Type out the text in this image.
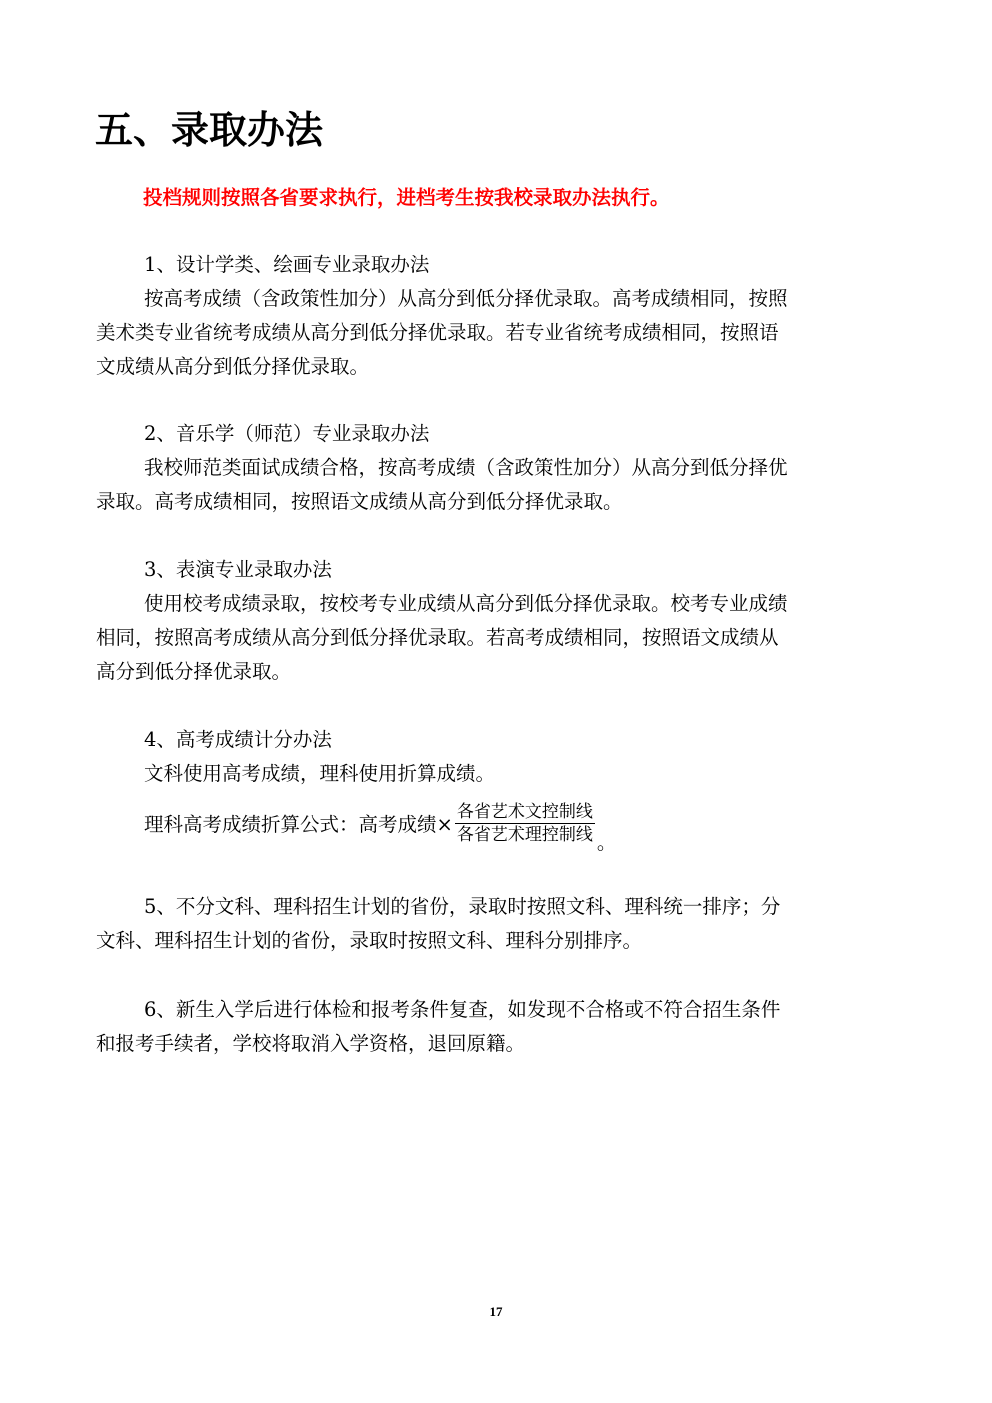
五、录取办法
投档规则按照各省要求执行，进档考生按我校录取办法执行。
1、设计学类、绘画专业录取办法
按高考成绩（含政策性加分）从高分到低分择优录取。高考成绩相同，按照
美术类专业省统考成绩从高分到低分择优录取。若专业省统考成绩相同，按照语
文成绩从高分到低分择优录取。
2、音乐学（师范）专业录取办法
我校师范类面试成绩合格，按高考成绩（含政策性加分）从高分到低分择优
录取。高考成绩相同，按照语文成绩从高分到低分择优录取。
3、表演专业录取办法
使用校考成绩录取，按校考专业成绩从高分到低分择优录取。校考专业成绩
相同，按照高考成绩从高分到低分择优录取。若高考成绩相同，按照语文成绩从
高分到低分择优录取。
4、高考成绩计分办法
文科使用高考成绩，理科使用折算成绩。
理科高考成绩折算公式：高考成绩× $\frac{\text{各省艺术文控制线}}{\text{各省艺术理控制线}}$ 。
5、不分文科、理科招生计划的省份，录取时按照文科、理科统一排序；分
文科、理科招生计划的省份，录取时按照文科、理科分别排序。
6、新生入学后进行体检和报考条件复查，如发现不合格或不符合招生条件
和报考手续者，学校将取消入学资格，退回原籍。
17
